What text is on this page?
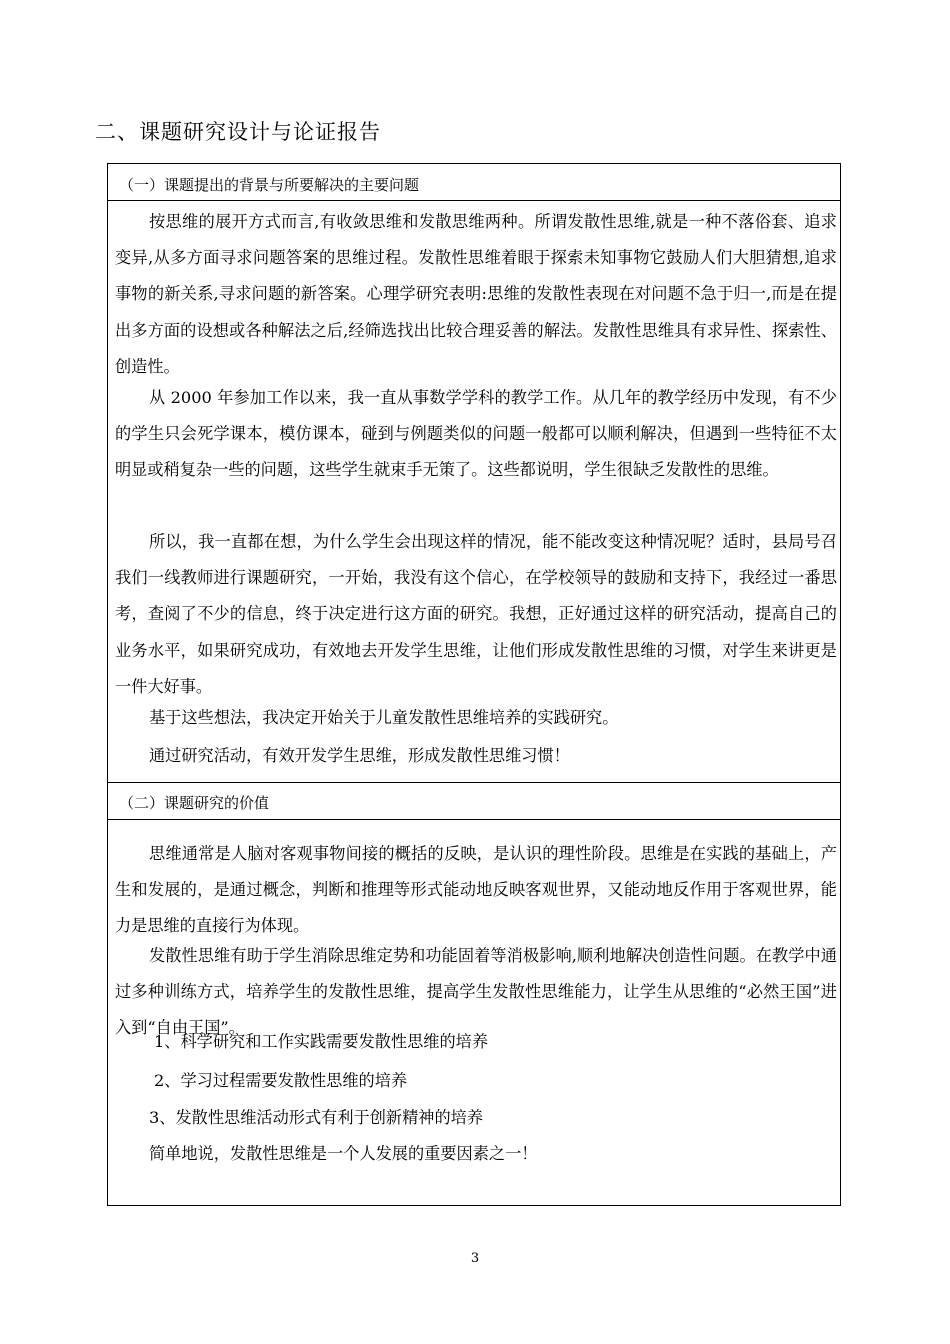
二、课题研究设计与论证报告
（一）课题提出的背景与所要解决的主要问题

按思维的展开方式而言,有收敛思维和发散思维两种。所谓发散性思维,就是一种不落俗套、追求变异,从多方面寻求问题答案的思维过程。发散性思维着眼于探索未知事物它鼓励人们大胆猜想,追求事物的新关系,寻求问题的新答案。心理学研究表明:思维的发散性表现在对问题不急于归一,而是在提出多方面的设想或各种解法之后,经筛选找出比较合理妥善的解法。发散性思维具有求异性、探索性、创造性。

从 2000 年参加工作以来，我一直从事数学学科的教学工作。从几年的教学经历中发现，有不少的学生只会死学课本，模仿课本，碰到与例题类似的问题一般都可以顺利解决，但遇到一些特征不太明显或稍复杂一些的问题，这些学生就束手无策了。这些都说明，学生很缺乏发散性的思维。

所以，我一直都在想，为什么学生会出现这样的情况，能不能改变这种情况呢？适时，县局号召我们一线教师进行课题研究，一开始，我没有这个信心，在学校领导的鼓励和支持下，我经过一番思考，查阅了不少的信息，终于决定进行这方面的研究。我想，正好通过这样的研究活动，提高自己的业务水平，如果研究成功，有效地去开发学生思维，让他们形成发散性思维的习惯，对学生来讲更是一件大好事。

基于这些想法，我决定开始关于儿童发散性思维培养的实践研究。

通过研究活动，有效开发学生思维，形成发散性思维习惯！

（二）课题研究的价值

思维通常是人脑对客观事物间接的概括的反映，是认识的理性阶段。思维是在实践的基础上，产生和发展的，是通过概念，判断和推理等形式能动地反映客观世界，又能动地反作用于客观世界，能力是思维的直接行为体现。

发散性思维有助于学生消除思维定势和功能固着等消极影响,顺利地解决创造性问题。在教学中通过多种训练方式，培养学生的发散性思维，提高学生发散性思维能力，让学生从思维的“必然王国”进入到“自由王国”。

1、科学研究和工作实践需要发散性思维的培养

2、学习过程需要发散性思维的培养

3、发散性思维活动形式有利于创新精神的培养

简单地说，发散性思维是一个人发展的重要因素之一！

3
